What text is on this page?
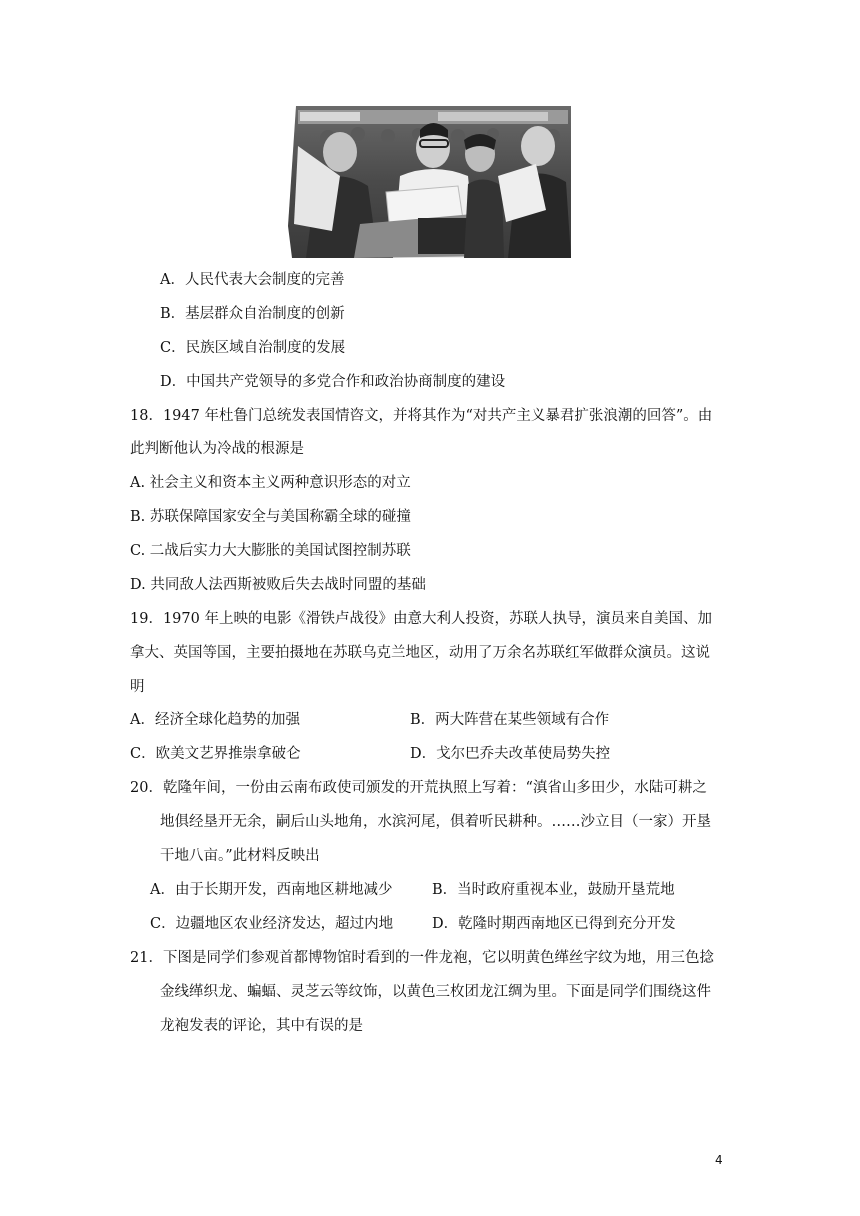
A．人民代表大会制度的完善
B．基层群众自治制度的创新
C．民族区域自治制度的发展
D．中国共产党领导的多党合作和政治协商制度的建设
18．1947 年杜鲁门总统发表国情咨文，并将其作为“对共产主义暴君扩张浪潮的回答”。由
此判断他认为冷战的根源是
A. 社会主义和资本主义两种意识形态的对立
B. 苏联保障国家安全与美国称霸全球的碰撞
C. 二战后实力大大膨胀的美国试图控制苏联
D. 共同敌人法西斯被败后失去战时同盟的基础
19．1970 年上映的电影《滑铁卢战役》由意大利人投资，苏联人执导，演员来自美国、加
拿大、英国等国，主要拍摄地在苏联乌克兰地区，动用了万余名苏联红军做群众演员。这说
明
A．经济全球化趋势的加强	B．两大阵营在某些领域有合作
C．欧美文艺界推崇拿破仑	D．戈尔巴乔夫改革使局势失控
20．乾隆年间，一份由云南布政使司颁发的开荒执照上写着：“滇省山多田少，水陆可耕之
地俱经垦开无余，嗣后山头地角，水滨河尾，俱着听民耕种。……沙立目（一家）开垦
干地八亩。”此材料反映出
A．由于长期开发，西南地区耕地减少	B．当时政府重视本业，鼓励开垦荒地
C．边疆地区农业经济发达，超过内地	D．乾隆时期西南地区已得到充分开发
21．下图是同学们参观首都博物馆时看到的一件龙袍，它以明黄色缂丝字纹为地，用三色捻
金线缂织龙、蝙蝠、灵芝云等纹饰，以黄色三枚团龙江绸为里。下面是同学们围绕这件
龙袍发表的评论，其中有误的是
4
